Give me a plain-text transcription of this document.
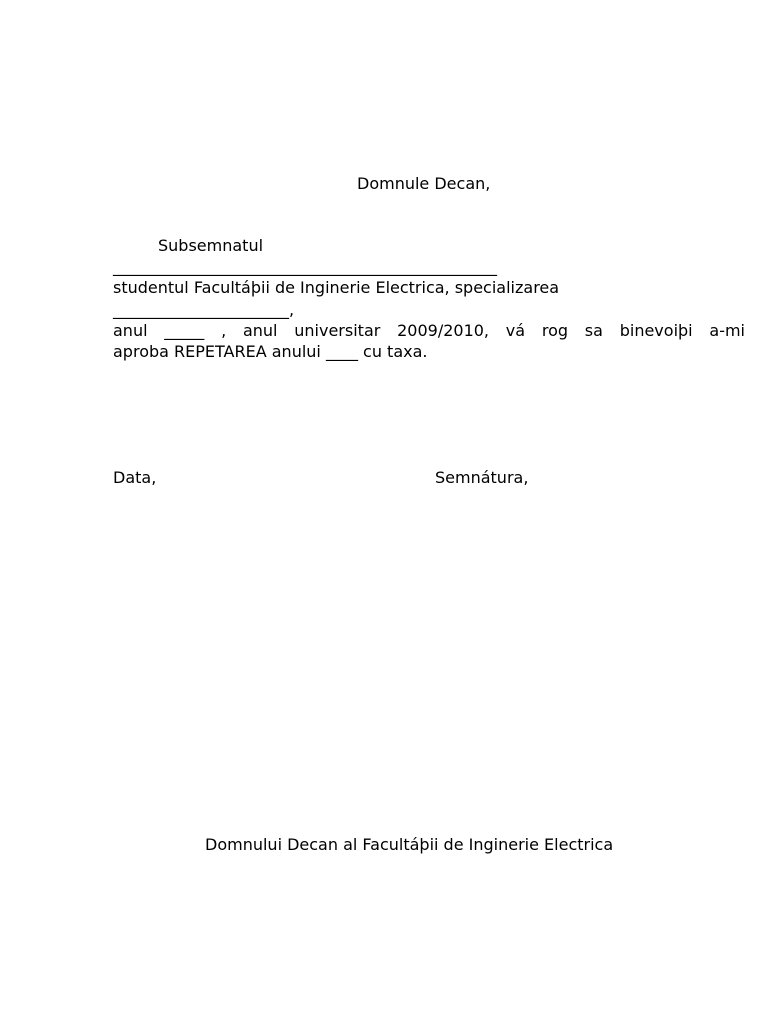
Domnule Decan,
Subsemnatul
________________________________________________
studentul Facultáþii de Inginerie Electrica, specializarea
______________________,
anul _____ , anul universitar 2009/2010, vá rog sa binevoiþi a-mi
aproba REPETAREA anului ____ cu taxa.
Data,	Semnátura,
Domnului Decan al Facultáþii de Inginerie Electrica
